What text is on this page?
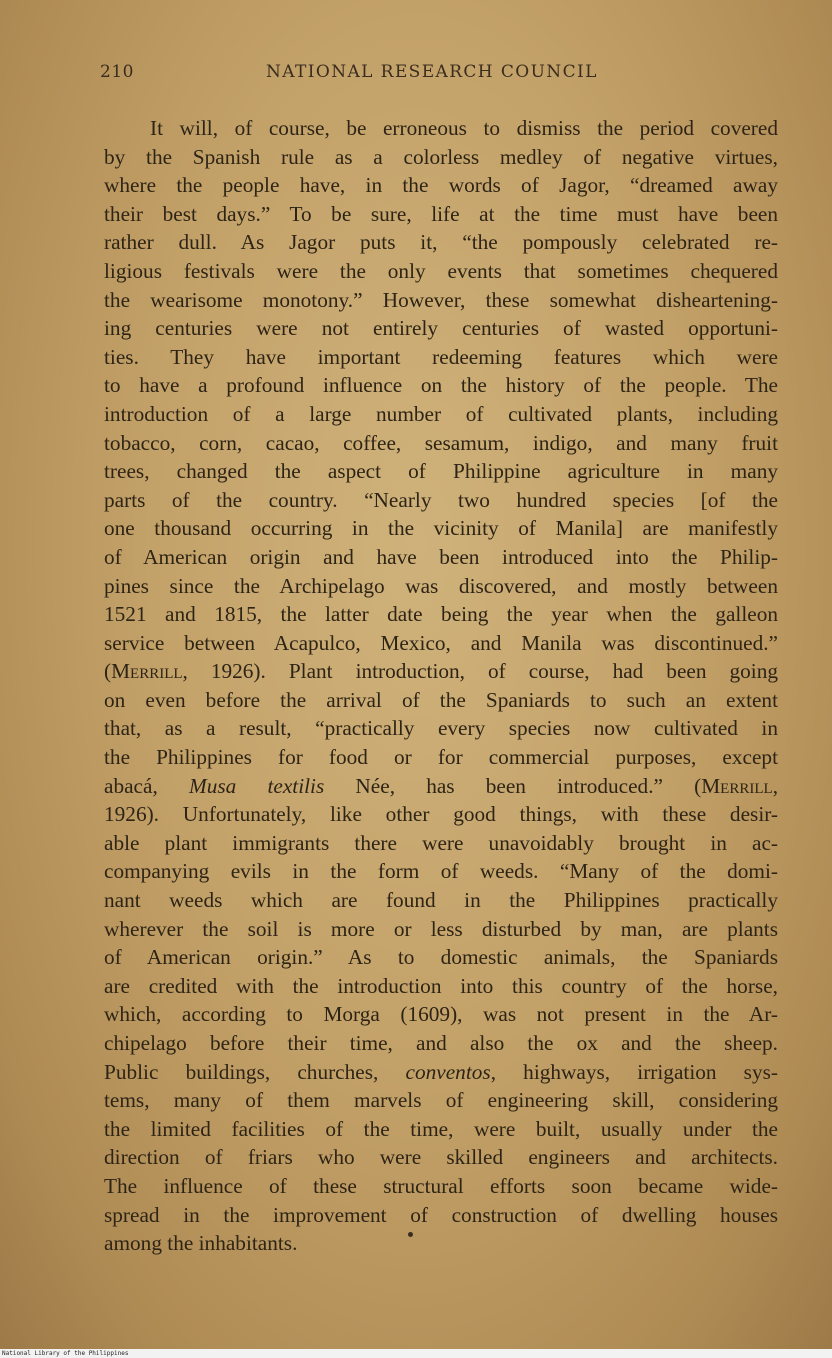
210	NATIONAL RESEARCH COUNCIL
It will, of course, be erroneous to dismiss the period covered
by the Spanish rule as a colorless medley of negative virtues,
where the people have, in the words of Jagor, “dreamed away
their best days.” To be sure, life at the time must have been
rather dull. As Jagor puts it, “the pompously celebrated re-
ligious festivals were the only events that sometimes chequered
the wearisome monotony.” However, these somewhat disheartening-
ing centuries were not entirely centuries of wasted opportuni-
ties. They have important redeeming features which were
to have a profound influence on the history of the people. The
introduction of a large number of cultivated plants, including
tobacco, corn, cacao, coffee, sesamum, indigo, and many fruit
trees, changed the aspect of Philippine agriculture in many
parts of the country. “Nearly two hundred species [of the
one thousand occurring in the vicinity of Manila] are manifestly
of American origin and have been introduced into the Philip-
pines since the Archipelago was discovered, and mostly between
1521 and 1815, the latter date being the year when the galleon
service between Acapulco, Mexico, and Manila was discontinued.”
(Merrill, 1926). Plant introduction, of course, had been going
on even before the arrival of the Spaniards to such an extent
that, as a result, “practically every species now cultivated in
the Philippines for food or for commercial purposes, except
abacá, Musa textilis Née, has been introduced.” (Merrill,
1926). Unfortunately, like other good things, with these desir-
able plant immigrants there were unavoidably brought in ac-
companying evils in the form of weeds. “Many of the domi-
nant weeds which are found in the Philippines practically
wherever the soil is more or less disturbed by man, are plants
of American origin.” As to domestic animals, the Spaniards
are credited with the introduction into this country of the horse,
which, according to Morga (1609), was not present in the Ar-
chipelago before their time, and also the ox and the sheep.
Public buildings, churches, conventos, highways, irrigation sys-
tems, many of them marvels of engineering skill, considering
the limited facilities of the time, were built, usually under the
direction of friars who were skilled engineers and architects.
The influence of these structural efforts soon became wide-
spread in the improvement of construction of dwelling houses
among the inhabitants.
National Library of the Philippines
